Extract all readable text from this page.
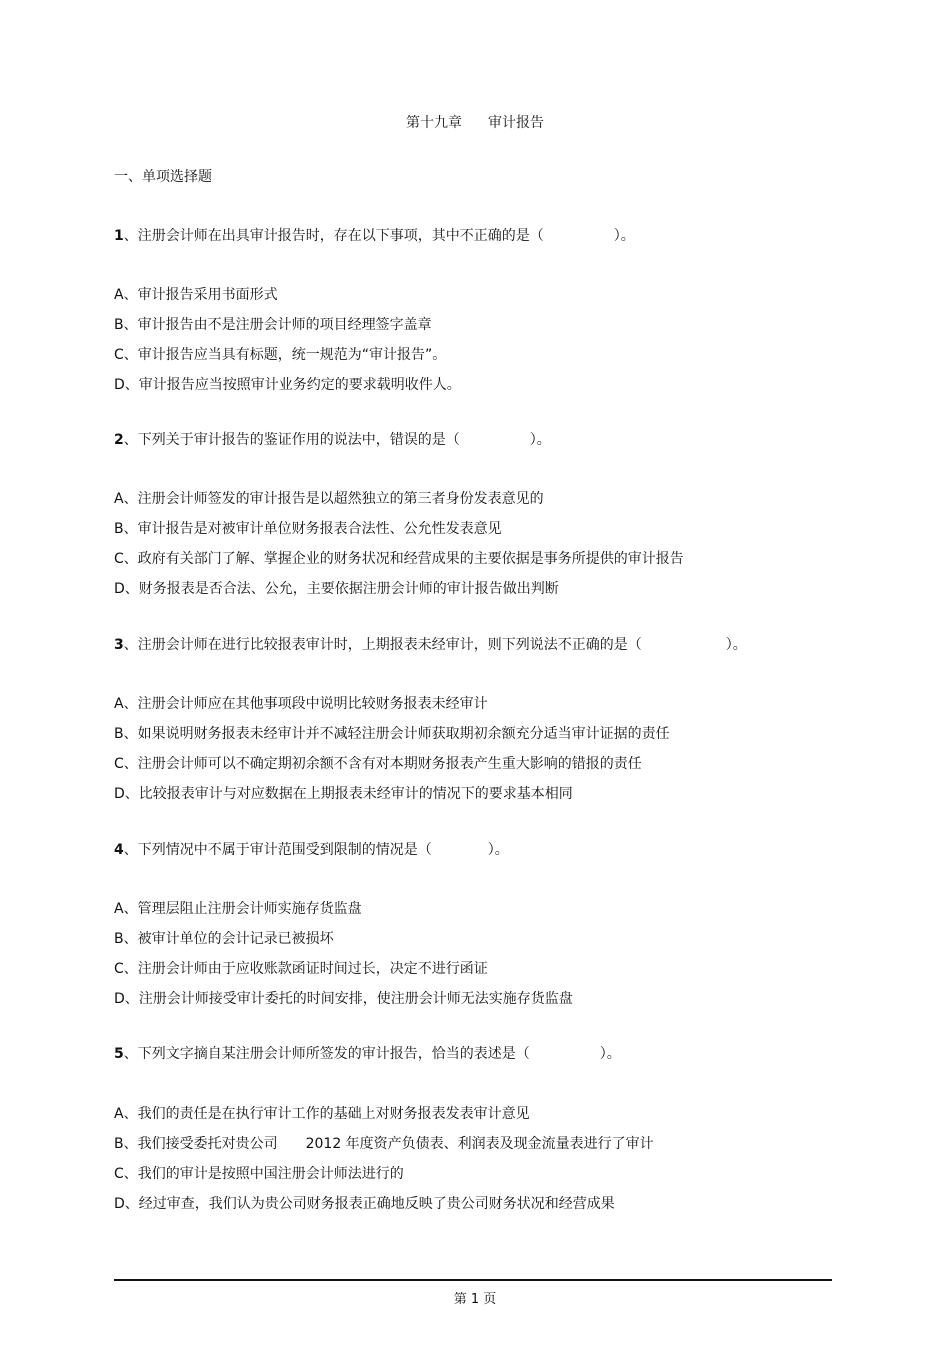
第十九章 审计报告

一、单项选择题

1、注册会计师在出具审计报告时，存在以下事项，其中不正确的是（　　　　　）。

A、审计报告采用书面形式

B、审计报告由不是注册会计师的项目经理签字盖章

C、审计报告应当具有标题，统一规范为“审计报告”。

D、审计报告应当按照审计业务约定的要求载明收件人。

2、下列关于审计报告的鉴证作用的说法中，错误的是（　　　　　）。

A、注册会计师签发的审计报告是以超然独立的第三者身份发表意见的

B、审计报告是对被审计单位财务报表合法性、公允性发表意见

C、政府有关部门了解、掌握企业的财务状况和经营成果的主要依据是事务所提供的审计报告

D、财务报表是否合法、公允，主要依据注册会计师的审计报告做出判断

3、注册会计师在进行比较报表审计时，上期报表未经审计，则下列说法不正确的是（　　　　　　）。

A、注册会计师应在其他事项段中说明比较财务报表未经审计

B、如果说明财务报表未经审计并不减轻注册会计师获取期初余额充分适当审计证据的责任

C、注册会计师可以不确定期初余额不含有对本期财务报表产生重大影响的错报的责任

D、比较报表审计与对应数据在上期报表未经审计的情况下的要求基本相同

4、下列情况中不属于审计范围受到限制的情况是（　　　　）。

A、管理层阻止注册会计师实施存货监盘

B、被审计单位的会计记录已被损坏

C、注册会计师由于应收账款函证时间过长，决定不进行函证

D、注册会计师接受审计委托的时间安排，使注册会计师无法实施存货监盘

5、下列文字摘自某注册会计师所签发的审计报告，恰当的表述是（　　　　　）。

A、我们的责任是在执行审计工作的基础上对财务报表发表审计意见

B、我们接受委托对贵公司　　2012 年度资产负债表、利润表及现金流量表进行了审计

C、我们的审计是按照中国注册会计师法进行的

D、经过审查，我们认为贵公司财务报表正确地反映了贵公司财务状况和经营成果

第 1 页
